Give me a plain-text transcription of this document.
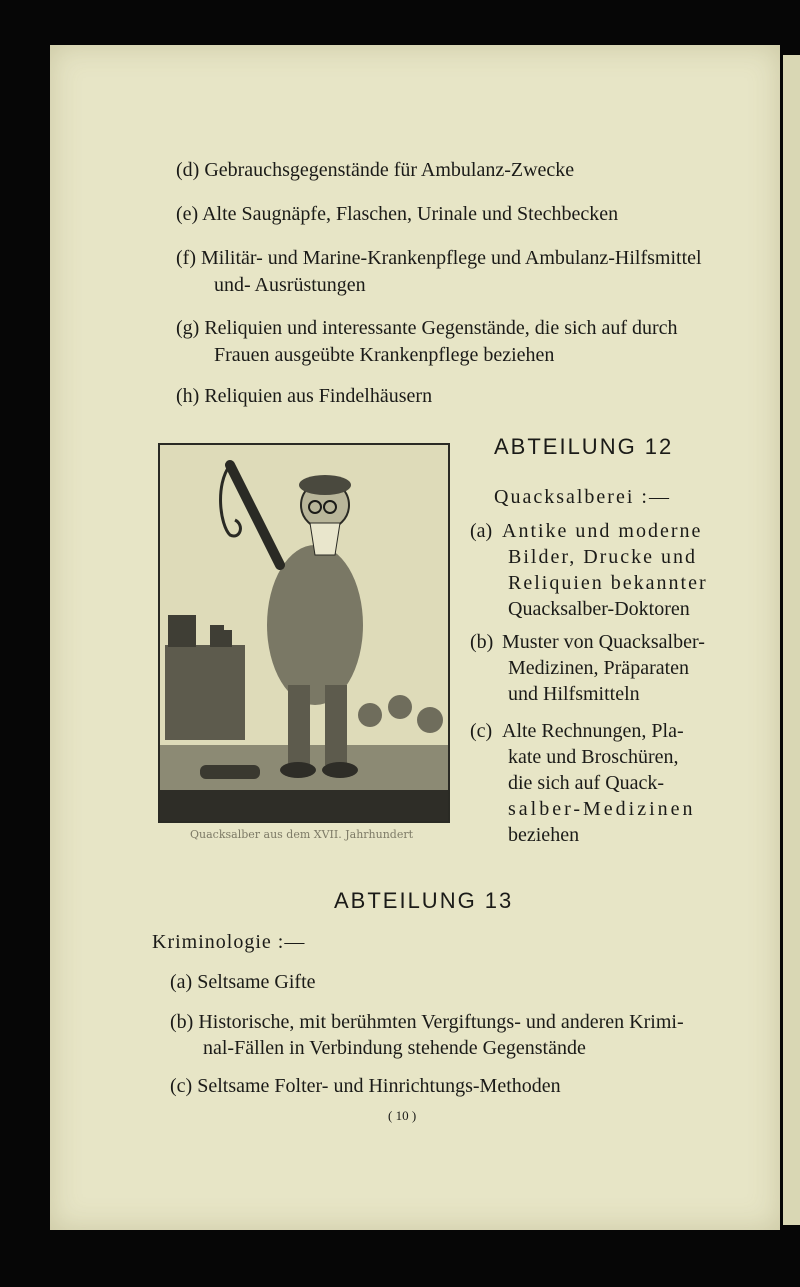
(d) Gebrauchsgegenstände für Ambulanz-Zwecke
(e) Alte Saugnäpfe, Flaschen, Urinale und Stechbecken
(f) Militär- und Marine-Krankenpflege und Ambulanz-Hilfsmittel
und- Ausrüstungen
(g) Reliquien und interessante Gegenstände, die sich auf durch
Frauen ausgeübte Krankenpflege beziehen
(h) Reliquien aus Findelhäusern
Quacksalber aus dem XVII. Jahrhundert
ABTEILUNG 12
Quacksalberei :—
(a) Antike und moderne
Bilder, Drucke und
Reliquien bekannter
Quacksalber-Doktoren
(b) Muster von Quacksalber-
Medizinen, Präparaten
und Hilfsmitteln
(c) Alte Rechnungen, Pla-
kate und Broschüren,
die sich auf Quack-
salber-Medizinen
beziehen
ABTEILUNG 13
Kriminologie :—
(a) Seltsame Gifte
(b) Historische, mit berühmten Vergiftungs- und anderen Krimi-
nal-Fällen in Verbindung stehende Gegenstände
(c) Seltsame Folter- und Hinrichtungs-Methoden
( 10 )
